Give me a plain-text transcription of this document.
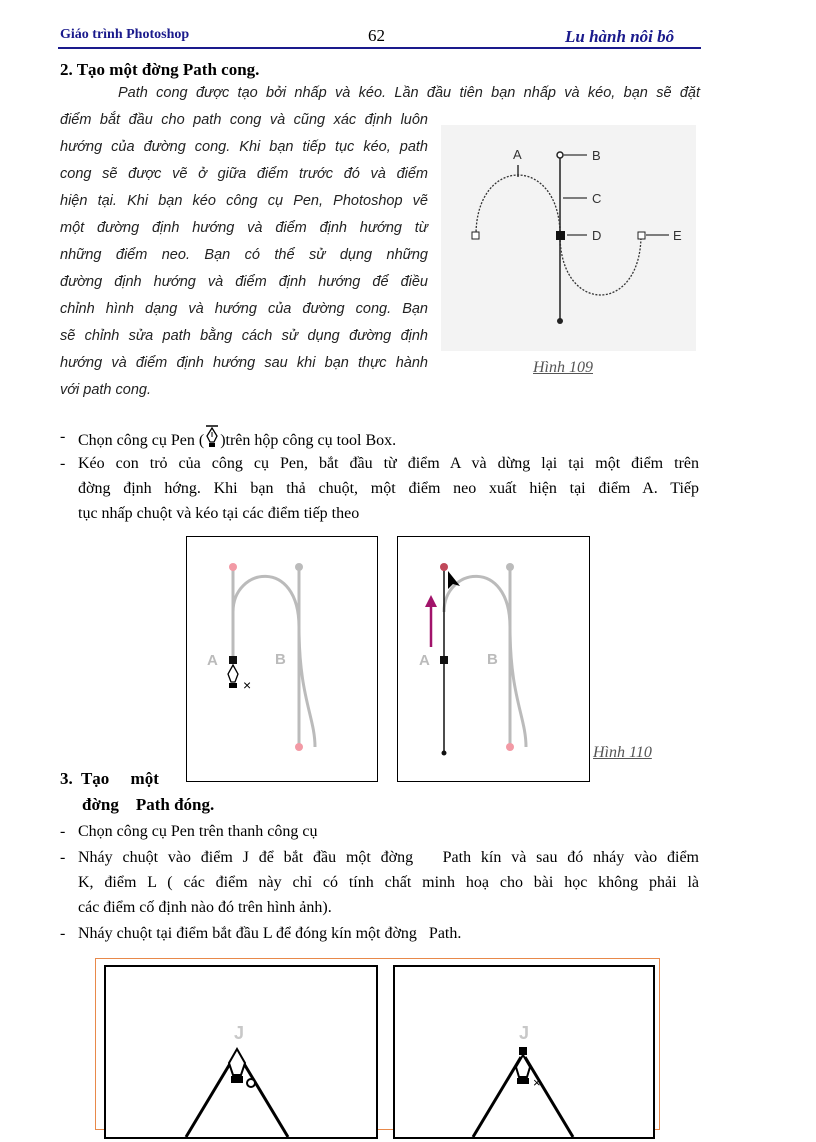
Giáo trình Photoshop	62	Lu hành nôi bô
2. Tạo một đờng Path cong.
Path cong được tạo bởi nhấp và kéo. Lần đầu tiên bạn nhấp và kéo, bạn sẽ đặt
điểm bắt đầu cho path cong và cũng xác định luôn
hướng của đường cong. Khi bạn tiếp tục kéo, path
cong sẽ được vẽ ở giữa điểm trước đó và điểm
hiện tại. Khi bạn kéo công cụ Pen, Photoshop vẽ
một đường định hướng và điểm định hướng từ
những điểm neo. Bạn có thể sử dụng những
đường định hướng và điểm định hướng để điều
chỉnh hình dạng và hướng của đường cong. Bạn
sẽ chỉnh sửa path bằng cách sử dụng đường định
hướng và điểm định hướng sau khi bạn thực hành
với path cong.
A	B
C
D	E
Hình 109
- Chọn công cụ Pen ( )trên hộp công cụ tool Box.
- Kéo con trỏ của công cụ Pen, bắt đầu từ điểm A và dừng lại tại một điểm trên
đờng định hớng. Khi bạn thả chuột, một điểm neo xuất hiện tại điểm A. Tiếp
tục nhấp chuột và kéo tại các điểm tiếp theo
×
A	B	A	B
Hình 110
3.  Tạo     một
đờng    Path đóng.
- Chọn công cụ Pen trên thanh công cụ
- Nháy chuột vào điểm J để bắt đầu một đờng   Path kín và sau đó nháy vào điểm
K, điểm L ( các điểm này chỉ có tính chất minh hoạ cho bài học không phải là
các điểm cố định nào đó trên hình ảnh).
- Nháy chuột tại điểm bắt đầu L để đóng kín một đờng   Path.
J	J
×
